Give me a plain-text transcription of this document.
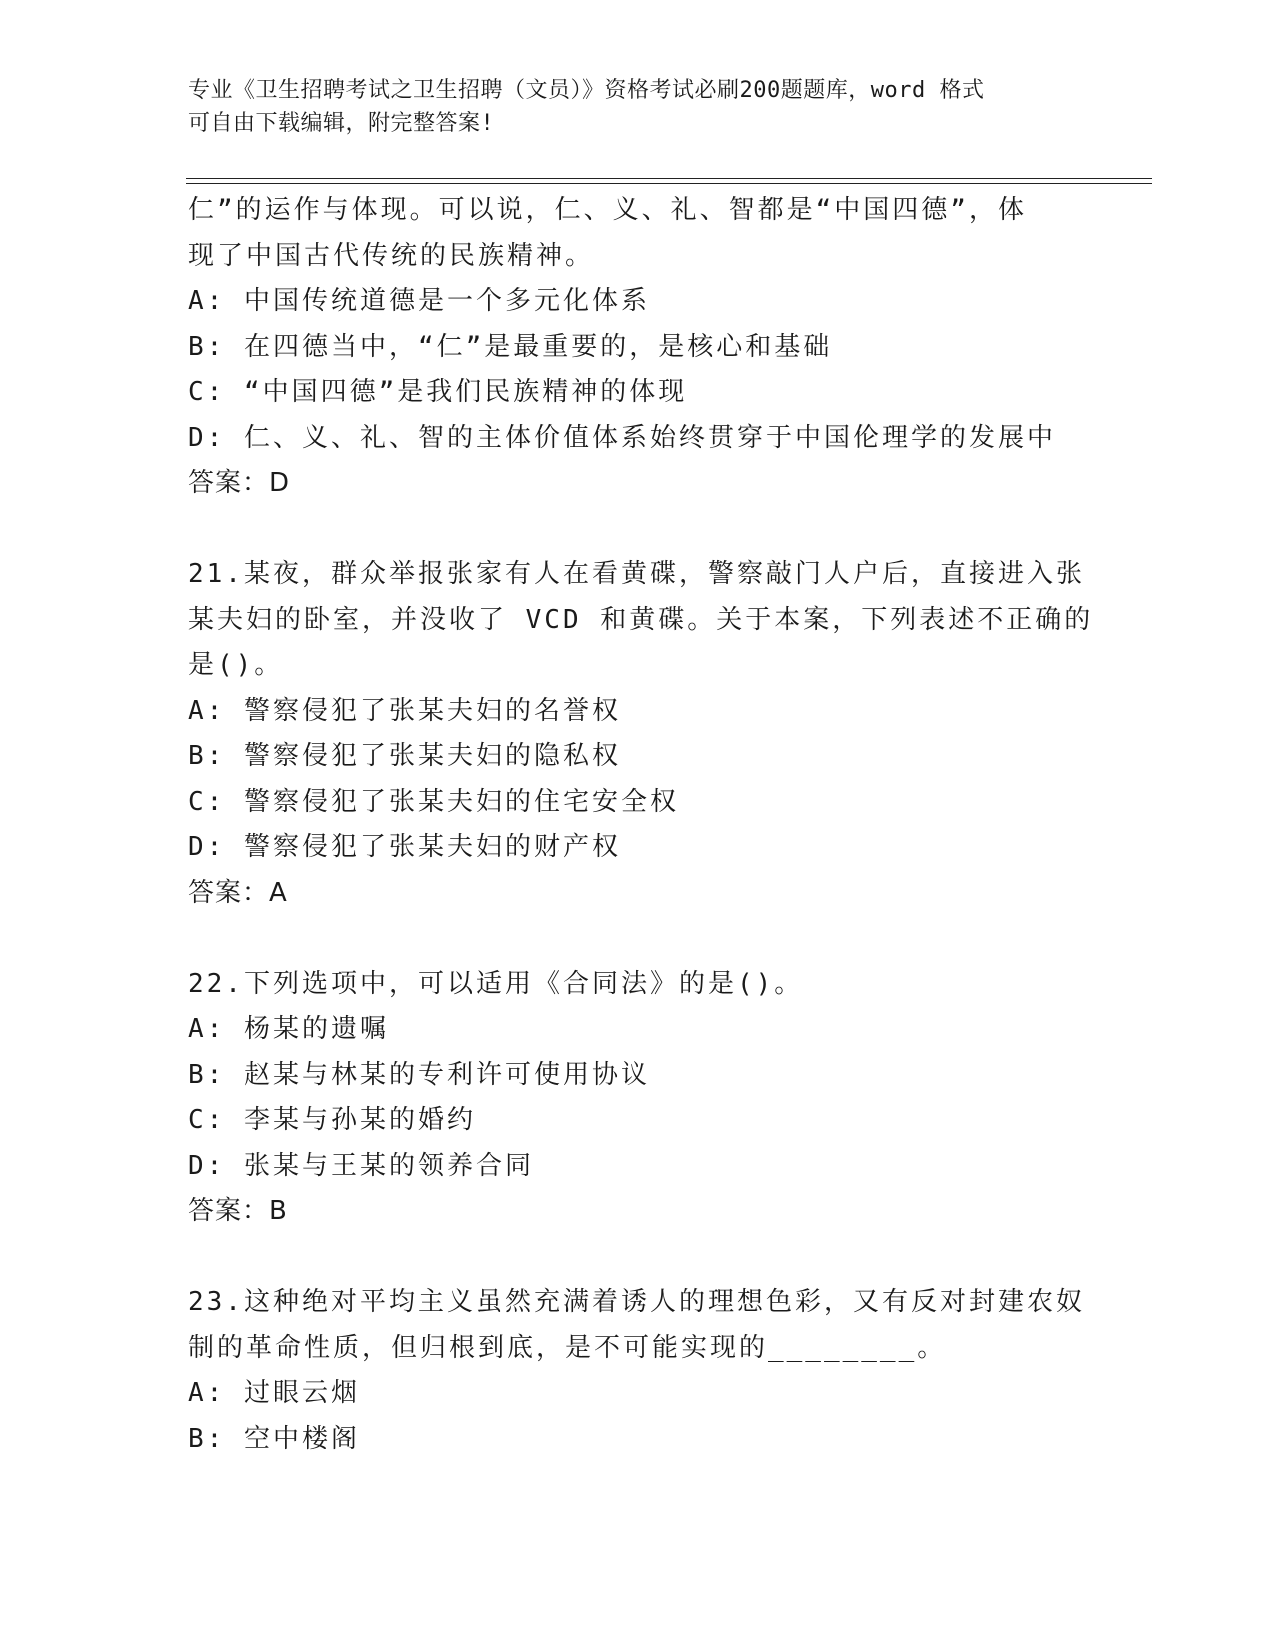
专业《卫生招聘考试之卫生招聘（文员）》资格考试必刷200题题库，word 格式
可自由下载编辑，附完整答案!
仁”的运作与体现。可以说，仁、义、礼、智都是“中国四德”，体
现了中国古代传统的民族精神。
A: 中国传统道德是一个多元化体系
B: 在四德当中，“仁”是最重要的，是核心和基础
C: “中国四德”是我们民族精神的体现
D: 仁、义、礼、智的主体价值体系始终贯穿于中国伦理学的发展中
答案：D
21.某夜，群众举报张家有人在看黄碟，警察敲门人户后，直接进入张
某夫妇的卧室，并没收了 VCD 和黄碟。关于本案，下列表述不正确的
是()。
A: 警察侵犯了张某夫妇的名誉权
B: 警察侵犯了张某夫妇的隐私权
C: 警察侵犯了张某夫妇的住宅安全权
D: 警察侵犯了张某夫妇的财产权
答案：A
22.下列选项中，可以适用《合同法》的是()。
A: 杨某的遗嘱
B: 赵某与林某的专利许可使用协议
C: 李某与孙某的婚约
D: 张某与王某的领养合同
答案：B
23.这种绝对平均主义虽然充满着诱人的理想色彩，又有反对封建农奴
制的革命性质，但归根到底，是不可能实现的________。
A: 过眼云烟
B: 空中楼阁
